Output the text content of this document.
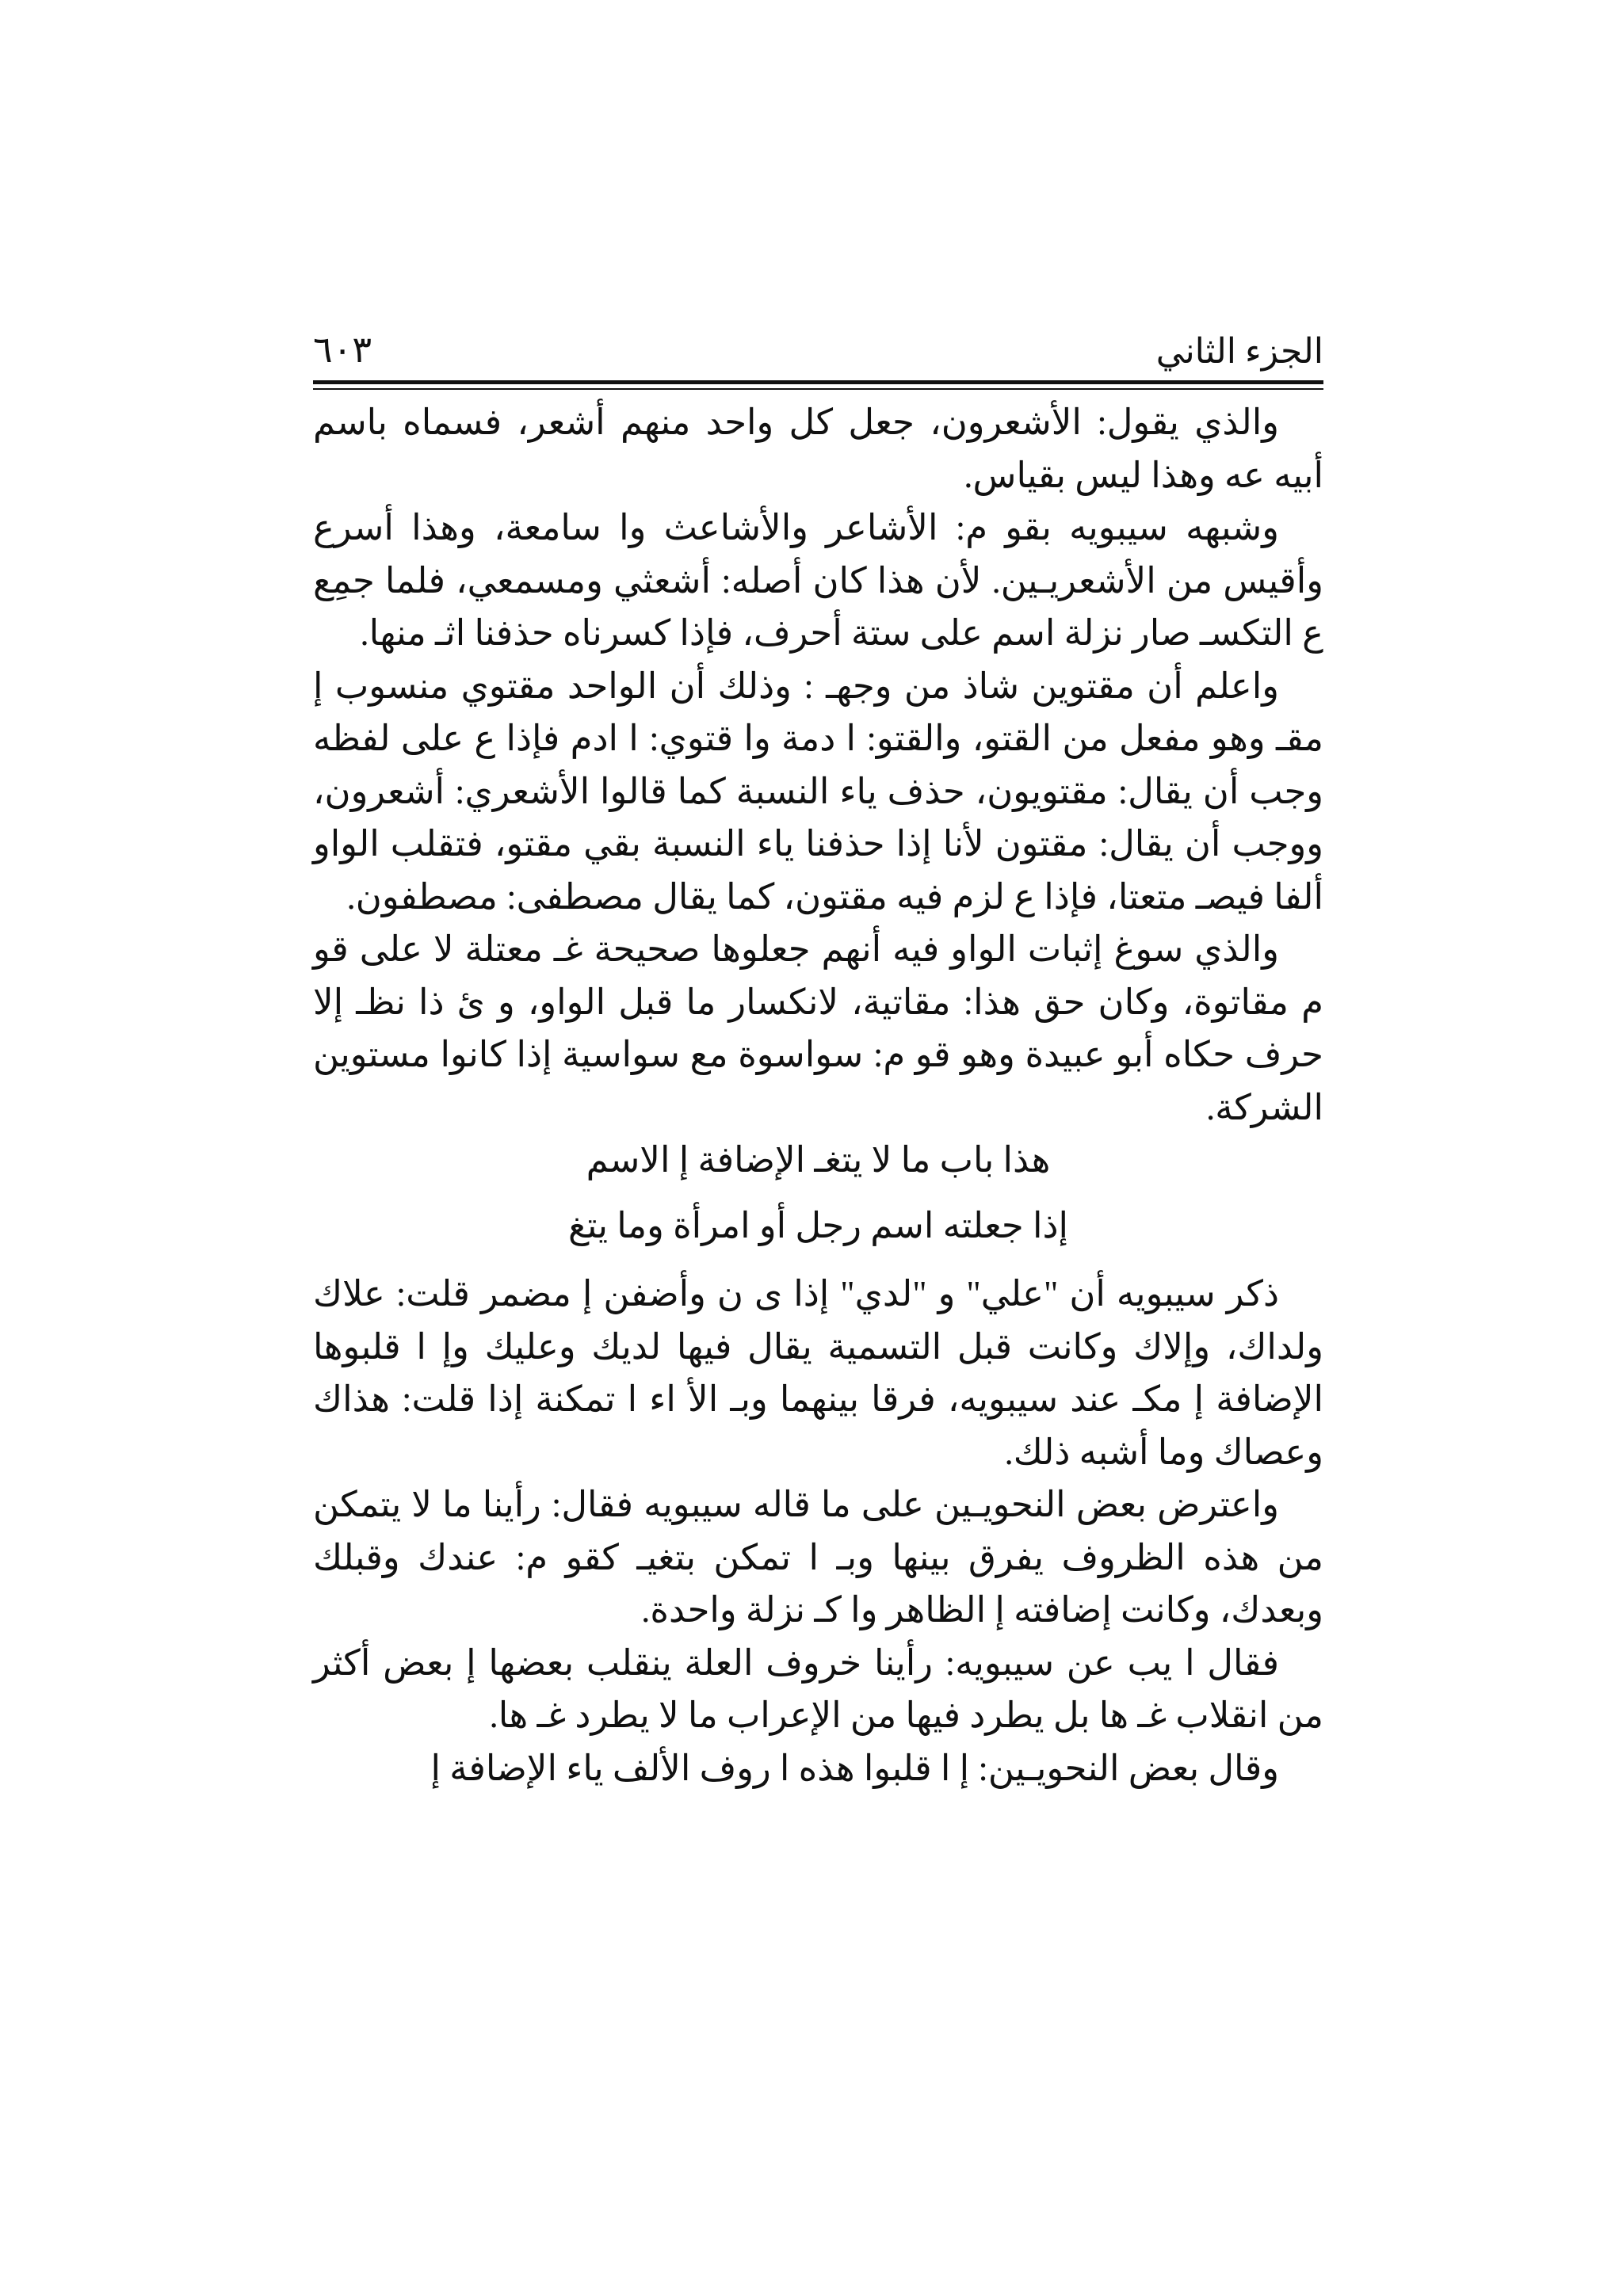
الجزء الثاني
٦٠٣

والذي يقول: الأشعرون، جعل كل واحد منهم أشعر، فسماه باسم أبيه عه وهذا ليس بقياس.

وشبهه سيبويه بقو م: الأشاعر والأشاعث وا سامعة، وهذا أسرع وأقيس من الأشعريـين. لأن هذا كان أصله: أشعثي ومسمعي، فلما جمِع ع التكسـ صار نزلة اسم على ستة أحرف، فإذا كسرناه حذفنا اثـ منها.

واعلم أن مقتوين شاذ من وجهـ : وذلك أن الواحد مقتوي منسوب إ مقـ وهو مفعل من القتو، والقتو: ا دمة وا قتوي: ا ادم فإذا ع على لفظه وجب أن يقال: مقتويون، حذف ياء النسبة كما قالوا الأشعري: أشعرون، ووجب أن يقال: مقتون لأنا إذا حذفنا ياء النسبة بقي مقتو، فتقلب الواو ألفا فيصـ متعتا، فإذا ع لزم فيه مقتون، كما يقال مصطفى: مصطفون.

والذي سوغ إثبات الواو فيه أنهم جعلوها صحيحة غـ معتلة لا على قو م مقاتوة، وكان حق هذا: مقاتية، لانكسار ما قبل الواو، و ئ ذا نظـ إلا حرف حكاه أبو عبيدة وهو قو م: سواسوة مع سواسية إذا كانوا مستوين الشركة.

هذا باب ما لا يتغـ الإضافة إ الاسم

إذا جعلته اسم رجل أو امرأة وما يتغ

ذكر سيبويه أن "علي" و "لدي" إذا ى ن وأضفن إ مضمر قلت: علاك ولداك، وإلاك وكانت قبل التسمية يقال فيها لديك وعليك وإ ا قلبوها الإضافة إ مكـ عند سيبويه، فرقا بينهما وبـ الأ اء ا تمكنة إذا قلت: هذاك وعصاك وما أشبه ذلك.

واعترض بعض النحويـين على ما قاله سيبويه فقال: رأينا ما لا يتمكن من هذه الظروف يفرق بينها وبـ ا تمكن بتغيـ كقو م: عندك وقبلك وبعدك، وكانت إضافته إ الظاهر وا كـ نزلة واحدة.

فقال ا يب عن سيبويه: رأينا خروف العلة ينقلب بعضها إ بعض أكثر من انقلاب غـ ها بل يطرد فيها من الإعراب ما لا يطرد غـ ها.

وقال بعض النحويـين: إ ا قلبوا هذه ا روف الألف ياء الإضافة إ
